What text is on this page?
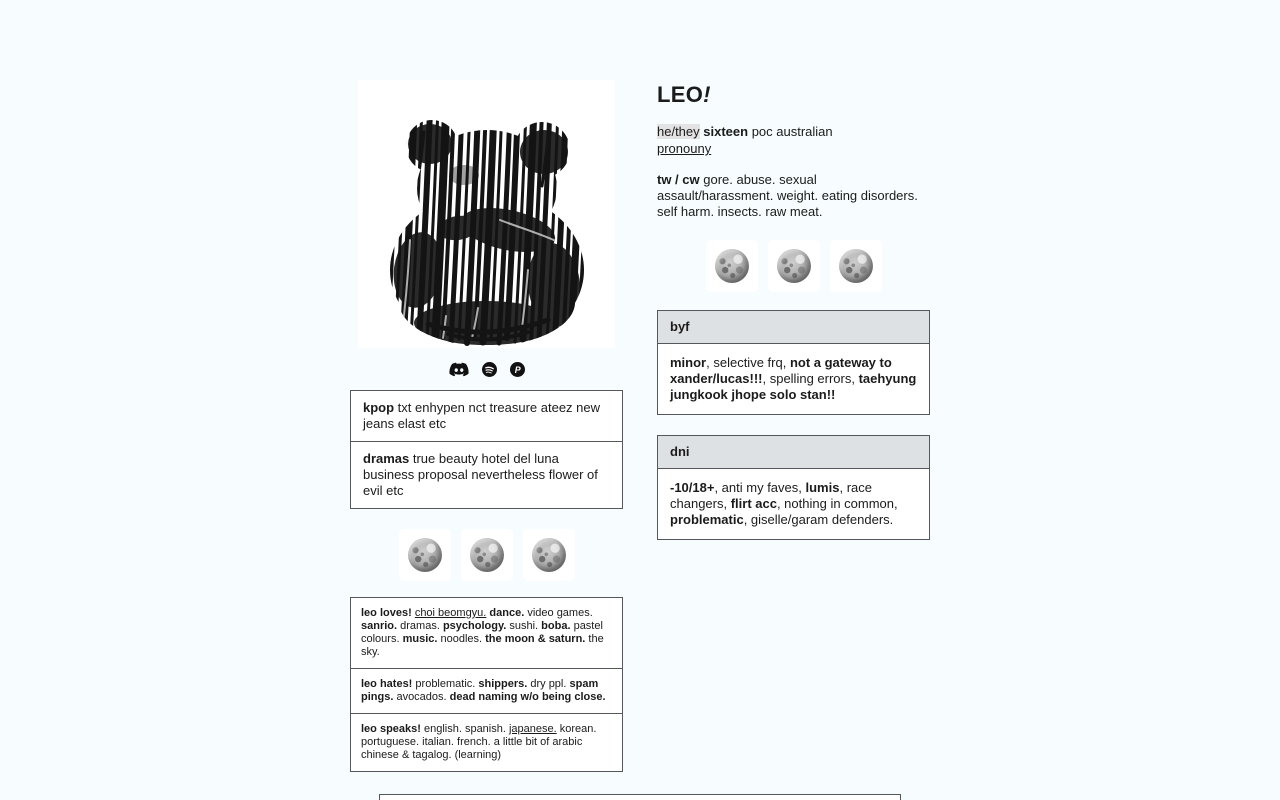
P
kpop txt enhypen nct treasure ateez new jeans elast etc
dramas true beauty hotel del luna business proposal nevertheless flower of evil etc
leo loves! choi beomgyu. dance. video games. sanrio. dramas. psychology. sushi. boba. pastel colours. music. noodles. the moon & saturn. the sky.
leo hates! problematic. shippers. dry ppl. spam pings. avocados. dead naming w/o being close.
leo speaks! english. spanish. japanese. korean. portuguese. italian. french. a little bit of arabic chinese & tagalog. (learning)
LEO!
he/they sixteen poc australian
pronouny
tw / cw gore. abuse. sexual assault/harassment. weight. eating disorders. self harm. insects. raw meat.
byf
minor, selective frq, not a gateway to xander/lucas!!!, spelling errors, taehyung jungkook jhope solo stan!!
dni
-10/18+, anti my faves, lumis, race changers, flirt acc, nothing in common, problematic, giselle/garam defenders.
